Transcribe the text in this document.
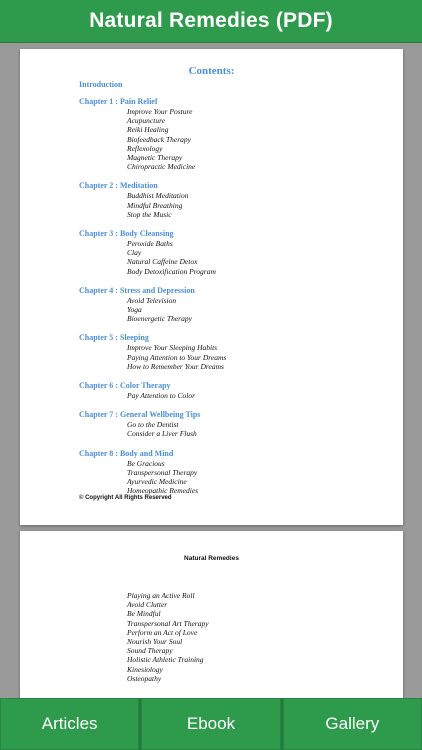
Natural Remedies (PDF)
Contents:
Introduction
Chapter 1 : Pain Relief
Improve Your Posture
Acupuncture
Reiki Healing
Biofeedback Therapy
Reflexology
Magnetic Therapy
Chiropractic Medicine
Chapter 2 : Meditation
Buddhist Meditation
Mindful Breathing
Stop the Music
Chapter 3 : Body Cleansing
Peroxide Baths
Clay
Natural Caffeine Detox
Body Detoxification Program
Chapter 4 : Stress and Depression
Avoid Television
Yoga
Bioenergetic Therapy
Chapter 5 : Sleeping
Improve Your Sleeping Habits
Paying Attention to Your Dreams
How to Remember Your Dreams
Chapter 6 : Color Therapy
Pay Attention to Color
Chapter 7 : General Wellbeing Tips
Go to the Dentist
Consider a Liver Flush
Chapter 8 : Body and Mind
Be Gracious
Transpersonal Therapy
Ayurvedic Medicine
Homeopathic Remedies
© Copyright All Rights Reserved
Natural Remedies
Playing an Active Roll
Avoid Clutter
Be Mindful
Transpersonal Art Therapy
Perform an Act of Love
Nourish Your Soul
Sound Therapy
Holistic Athletic Training
Kinesiology
Osteopathy
Articles	Ebook	Gallery
